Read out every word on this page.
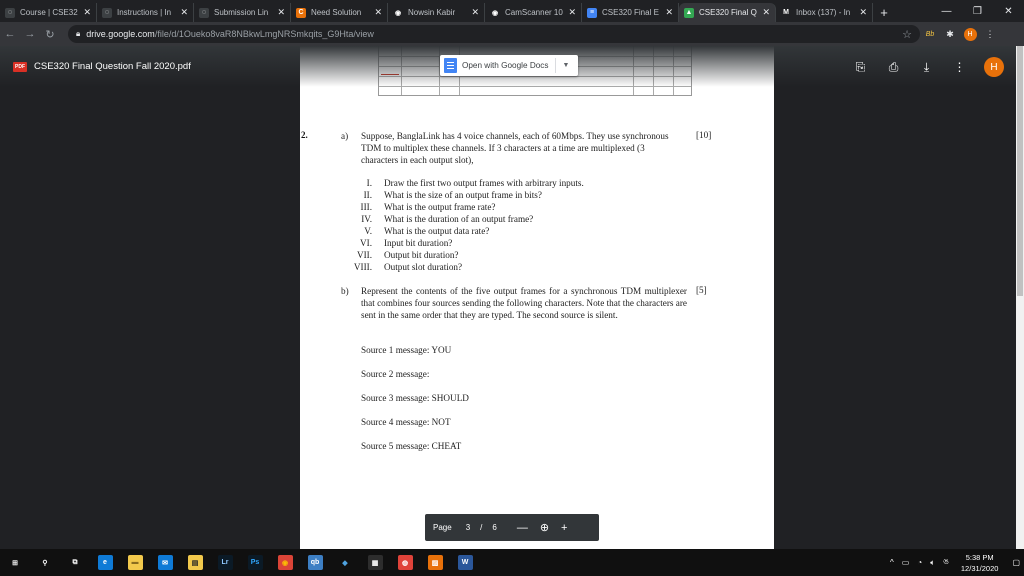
◌ Course | CSE32 ✕	◌ Instructions | In	✕	◌ Submission Lin	✕	C Need Solution	✕ ◉ Nowsin Kabir	✕ ◉ CamScanner 10 ✕	≡ CSE320 Final E ✕ ▲ CSE320 Final Q ✕ M Inbox (137) - In	✕	+	—	❐	✕
← → ↻	🔒︎ drive.google.com/file/d/1Oueko8vaR8NBkwLmgNRSmkqits_G9Hta/view	☆ Bb	✱	H	⋮
2.	a) Suppose, BanglaLink has 4 voice channels, each of 60Mbps. They use synchronous TDM to multiplex these channels. If 3 characters at a time are multiplexed (3 characters in each output slot),
[10]
I. Draw the first two output frames with arbitrary inputs.
II. What is the size of an output frame in bits?
III. What is the output frame rate?
IV. What is the duration of an output frame?
V. What is the output data rate?
VI. Input bit duration?
VII. Output bit duration?
VIII. Output slot duration?
b) Represent the contents of the five output frames for a synchronous TDM multiplexer that combines four sources sending the following characters. Note that the characters are sent in the same order that they are typed. The second source is silent.
[5]
Source 1 message: YOU
Source 2 message:
Source 3 message: SHOULD
Source 4 message: NOT
Source 5 message: CHEAT
PDF CSE320 Final Question Fall 2020.pdf	Open with Google Docs ▼	⎘	⎙	⤓	⋮	H
Page 3 / 6 — ⊕ +
⊞	⚲	⧉	e	▬	✉	▤	Lr	Ps	◉	qb	◆	▦	◍	▨	W	^ ▭ ◔ 🔈︎ ঙ	5:38 PM
12/31/2020
▢
